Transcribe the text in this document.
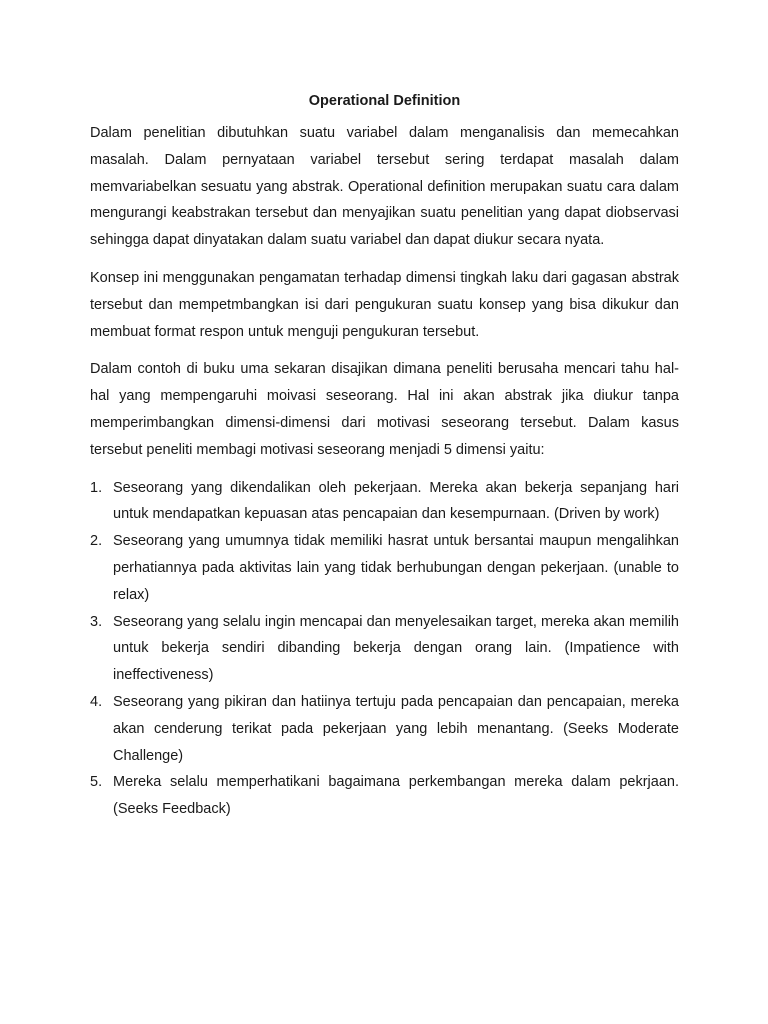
Operational Definition

Dalam penelitian dibutuhkan suatu variabel dalam menganalisis dan memecahkan masalah. Dalam pernyataan variabel tersebut sering terdapat masalah dalam memvariabelkan sesuatu yang abstrak. Operational definition merupakan suatu cara dalam mengurangi keabstrakan tersebut dan menyajikan suatu penelitian yang dapat diobservasi sehingga dapat dinyatakan dalam suatu variabel dan dapat diukur secara nyata.

Konsep ini menggunakan pengamatan terhadap dimensi tingkah laku dari gagasan abstrak tersebut dan mempetmbangkan isi dari pengukuran suatu konsep yang bisa dikukur dan membuat format respon untuk menguji pengukuran tersebut.

Dalam contoh di buku uma sekaran disajikan dimana peneliti berusaha mencari tahu hal-hal yang mempengaruhi moivasi seseorang. Hal ini akan abstrak jika diukur tanpa memperimbangkan dimensi-dimensi dari motivasi seseorang tersebut. Dalam kasus tersebut peneliti membagi motivasi seseorang menjadi 5 dimensi yaitu:

1. Seseorang yang dikendalikan oleh pekerjaan. Mereka akan bekerja sepanjang hari untuk mendapatkan kepuasan atas pencapaian dan kesempurnaan. (Driven by work)
2. Seseorang yang umumnya tidak memiliki hasrat untuk bersantai maupun mengalihkan perhatiannya pada aktivitas lain yang tidak berhubungan dengan pekerjaan. (unable to relax)
3. Seseorang yang selalu ingin mencapai dan menyelesaikan target, mereka akan memilih untuk bekerja sendiri dibanding bekerja dengan orang lain. (Impatience with ineffectiveness)
4. Seseorang yang pikiran dan hatiinya tertuju pada pencapaian dan pencapaian, mereka akan cenderung terikat pada pekerjaan yang lebih menantang. (Seeks Moderate Challenge)
5. Mereka selalu memperhatikani bagaimana perkembangan mereka dalam pekrjaan. (Seeks Feedback)
